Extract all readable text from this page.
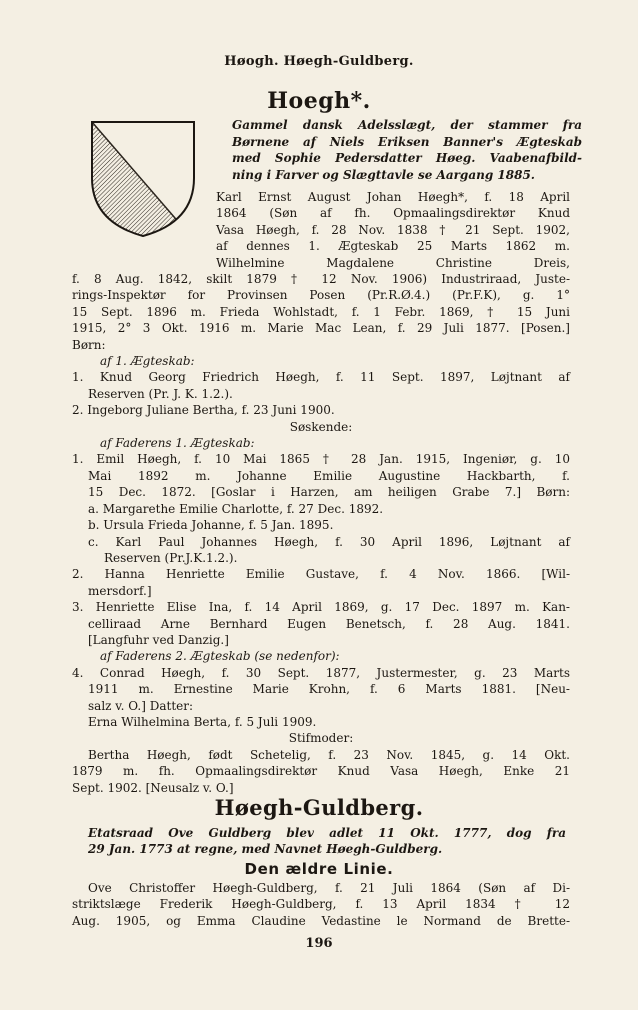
Høogh. Høegh-Guldberg.
Hoegh*.
Gammel dansk Adelsslægt, der stammer fra
Børnene af Niels Eriksen Banner's Ægteskab
med Sophie Pedersdatter Høeg. Vaabenafbild-
ning i Farver og Slægttavle se Aargang 1885.
Karl Ernst August Johan Høegh*, f. 18 April
1864 (Søn af fh. Opmaalingsdirektør Knud
Vasa Høegh, f. 28 Nov. 1838 † 21 Sept. 1902,
af dennes 1. Ægteskab 25 Marts 1862 m.
Wilhelmine Magdalene Christine Dreis,
f. 8 Aug. 1842, skilt 1879 † 12 Nov. 1906) Industriraad, Juste-
rings-Inspektør for Provinsen Posen (Pr.R.Ø.4.) (Pr.F.K), g. 1°
15 Sept. 1896 m. Frieda Wohlstadt, f. 1 Febr. 1869, † 15 Juni
1915, 2° 3 Okt. 1916 m. Marie Mac Lean, f. 29 Juli 1877. [Posen.]
Børn:
af 1. Ægteskab:
1. Knud Georg Friedrich Høegh, f. 11 Sept. 1897, Løjtnant af
Reserven (Pr. J. K. 1.2.).
2. Ingeborg Juliane Bertha, f. 23 Juni 1900.
Søskende:
af Faderens 1. Ægteskab:
1. Emil Høegh, f. 10 Mai 1865 † 28 Jan. 1915, Ingeniør, g. 10
Mai 1892 m. Johanne Emilie Augustine Hackbarth, f.
15 Dec. 1872. [Goslar i Harzen, am heiligen Grabe 7.] Børn:
a. Margarethe Emilie Charlotte, f. 27 Dec. 1892.
b. Ursula Frieda Johanne, f. 5 Jan. 1895.
c. Karl Paul Johannes Høegh, f. 30 April 1896, Løjtnant af
Reserven (Pr.J.K.1.2.).
2. Hanna Henriette Emilie Gustave, f. 4 Nov. 1866. [Wil-
mersdorf.]
3. Henriette Elise Ina, f. 14 April 1869, g. 17 Dec. 1897 m. Kan-
celliraad Arne Bernhard Eugen Benetsch, f. 28 Aug. 1841.
[Langfuhr ved Danzig.]
af Faderens 2. Ægteskab (se nedenfor):
4. Conrad Høegh, f. 30 Sept. 1877, Justermester, g. 23 Marts
1911 m. Ernestine Marie Krohn, f. 6 Marts 1881. [Neu-
salz v. O.] Datter:
Erna Wilhelmina Berta, f. 5 Juli 1909.
Stifmoder:
Bertha Høegh, født Schetelig, f. 23 Nov. 1845, g. 14 Okt.
1879 m. fh. Opmaalingsdirektør Knud Vasa Høegh, Enke 21
Sept. 1902. [Neusalz v. O.]
Høegh-Guldberg.
Etatsraad Ove Guldberg blev adlet 11 Okt. 1777, dog fra
29 Jan. 1773 at regne, med Navnet Høegh-Guldberg.
Den ældre Linie.
Ove Christoffer Høegh-Guldberg, f. 21 Juli 1864 (Søn af Di-
striktslæge Frederik Høegh-Guldberg, f. 13 April 1834 † 12
Aug. 1905, og Emma Claudine Vedastine le Normand de Brette-
196
